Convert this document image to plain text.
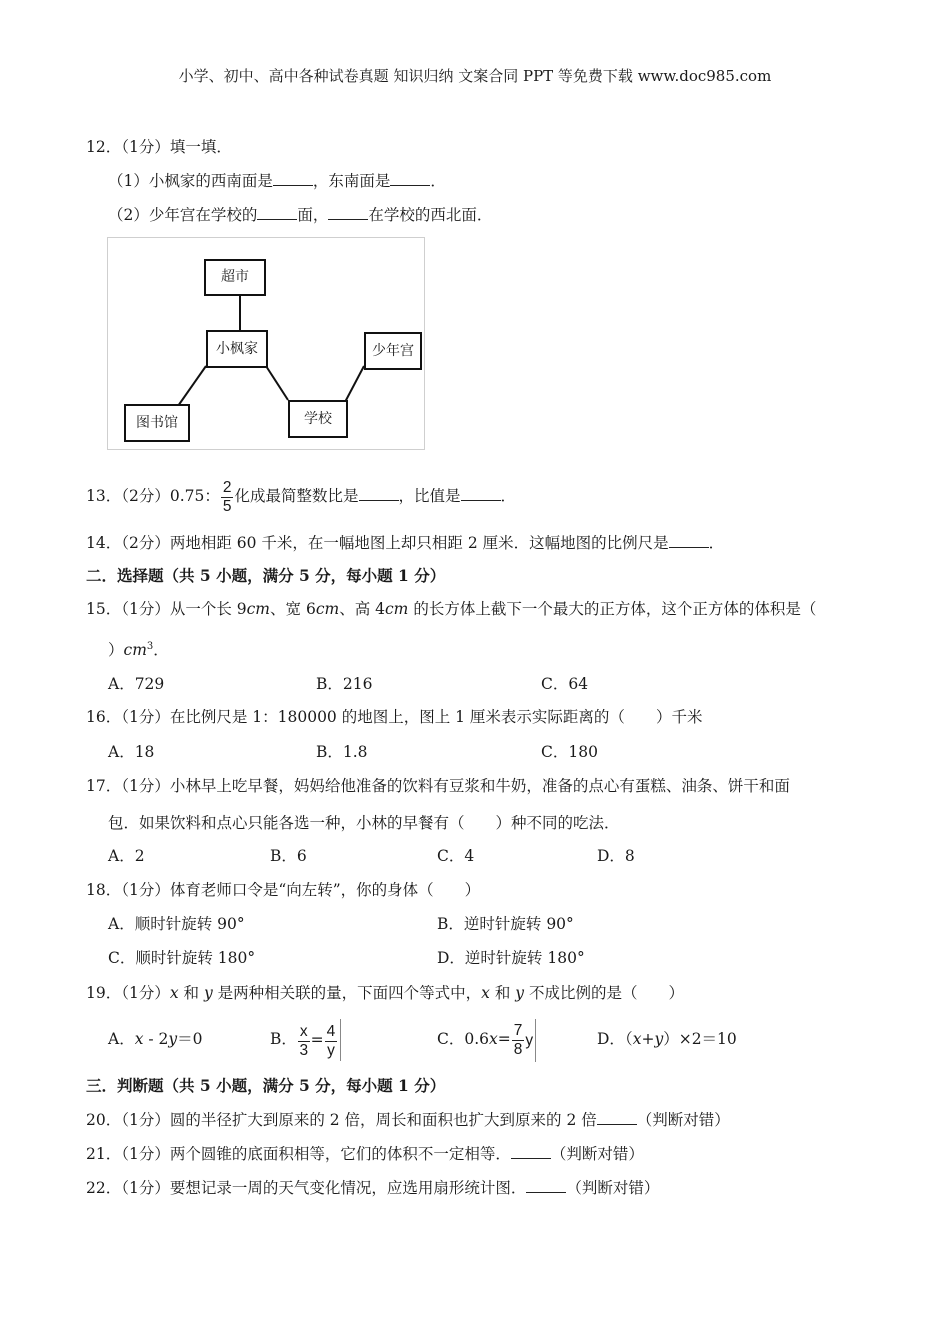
小学、初中、高中各种试卷真题 知识归纳 文案合同 PPT 等免费下载 www.doc985.com
12．（1分）填一填．
（1）小枫家的西南面是	，东南面是	．
（2）少年宫在学校的	面，	在学校的西北面．
超市
小枫家	少年宫
图书馆	学校
13．（2分）0.75： $\frac{2}{5}$ 化成最简整数比是	，比值是	．
14．（2分）两地相距 60 千米，在一幅地图上却只相距 2 厘米．这幅地图的比例尺是	．
二．选择题（共 5 小题，满分 5 分，每小题 1 分）
15．（1分）从一个长 9cm、宽 6cm、高 4cm 的长方体上截下一个最大的正方体，这个正方体的体积是（
）$cm^3$．
A．729	B．216	C．64
16．（1分）在比例尺是 1：180000 的地图上，图上 1 厘米表示实际距离的（　　）千米
A．18	B．1.8	C．180
17．（1分）小林早上吃早餐，妈妈给他准备的饮料有豆浆和牛奶，准备的点心有蛋糕、油条、饼干和面
包．如果饮料和点心只能各选一种，小林的早餐有（　　）种不同的吃法．
A．2	B．6	C．4	D．8
18．（1分）体育老师口令是“向左转”，你的身体（　　）
A．顺时针旋转 90°	B．逆时针旋转 90°
C．顺时针旋转 180°	D．逆时针旋转 180°
19．（1分）x 和 y 是两种相关联的量，下面四个等式中，x 和 y 不成比例的是（　　）
A．x - 2y＝0	B． $\frac{x}{3} = \frac{4}{y}$	C．$0.6x= \frac{7}{8}$ y	D．（x+y）×2＝10
三．判断题（共 5 小题，满分 5 分，每小题 1 分）
20．（1分）圆的半径扩大到原来的 2 倍，周长和面积也扩大到原来的 2 倍	（判断对错）
21．（1分）两个圆锥的底面积相等，它们的体积不一定相等．	（判断对错）
22．（1分）要想记录一周的天气变化情况，应选用扇形统计图．	（判断对错）
